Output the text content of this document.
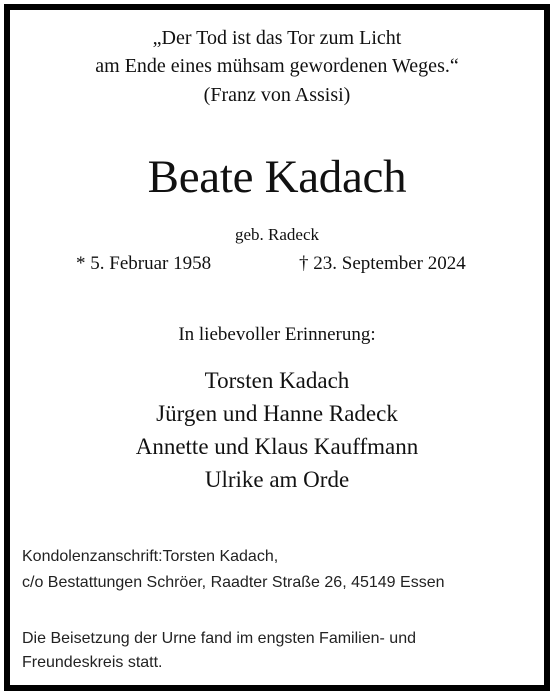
„Der Tod ist das Tor zum Licht
am Ende eines mühsam gewordenen Weges.“
(Franz von Assisi)
Beate Kadach
geb. Radeck
* 5. Februar 1958	† 23. September 2024
In liebevoller Erinnerung:
Torsten Kadach
Jürgen und Hanne Radeck
Annette und Klaus Kauffmann
Ulrike am Orde
Kondolenzanschrift:Torsten Kadach,
c/o Bestattungen Schröer, Raadter Straße 26, 45149 Essen
Die Beisetzung der Urne fand im engsten Familien- und
Freundeskreis statt.
